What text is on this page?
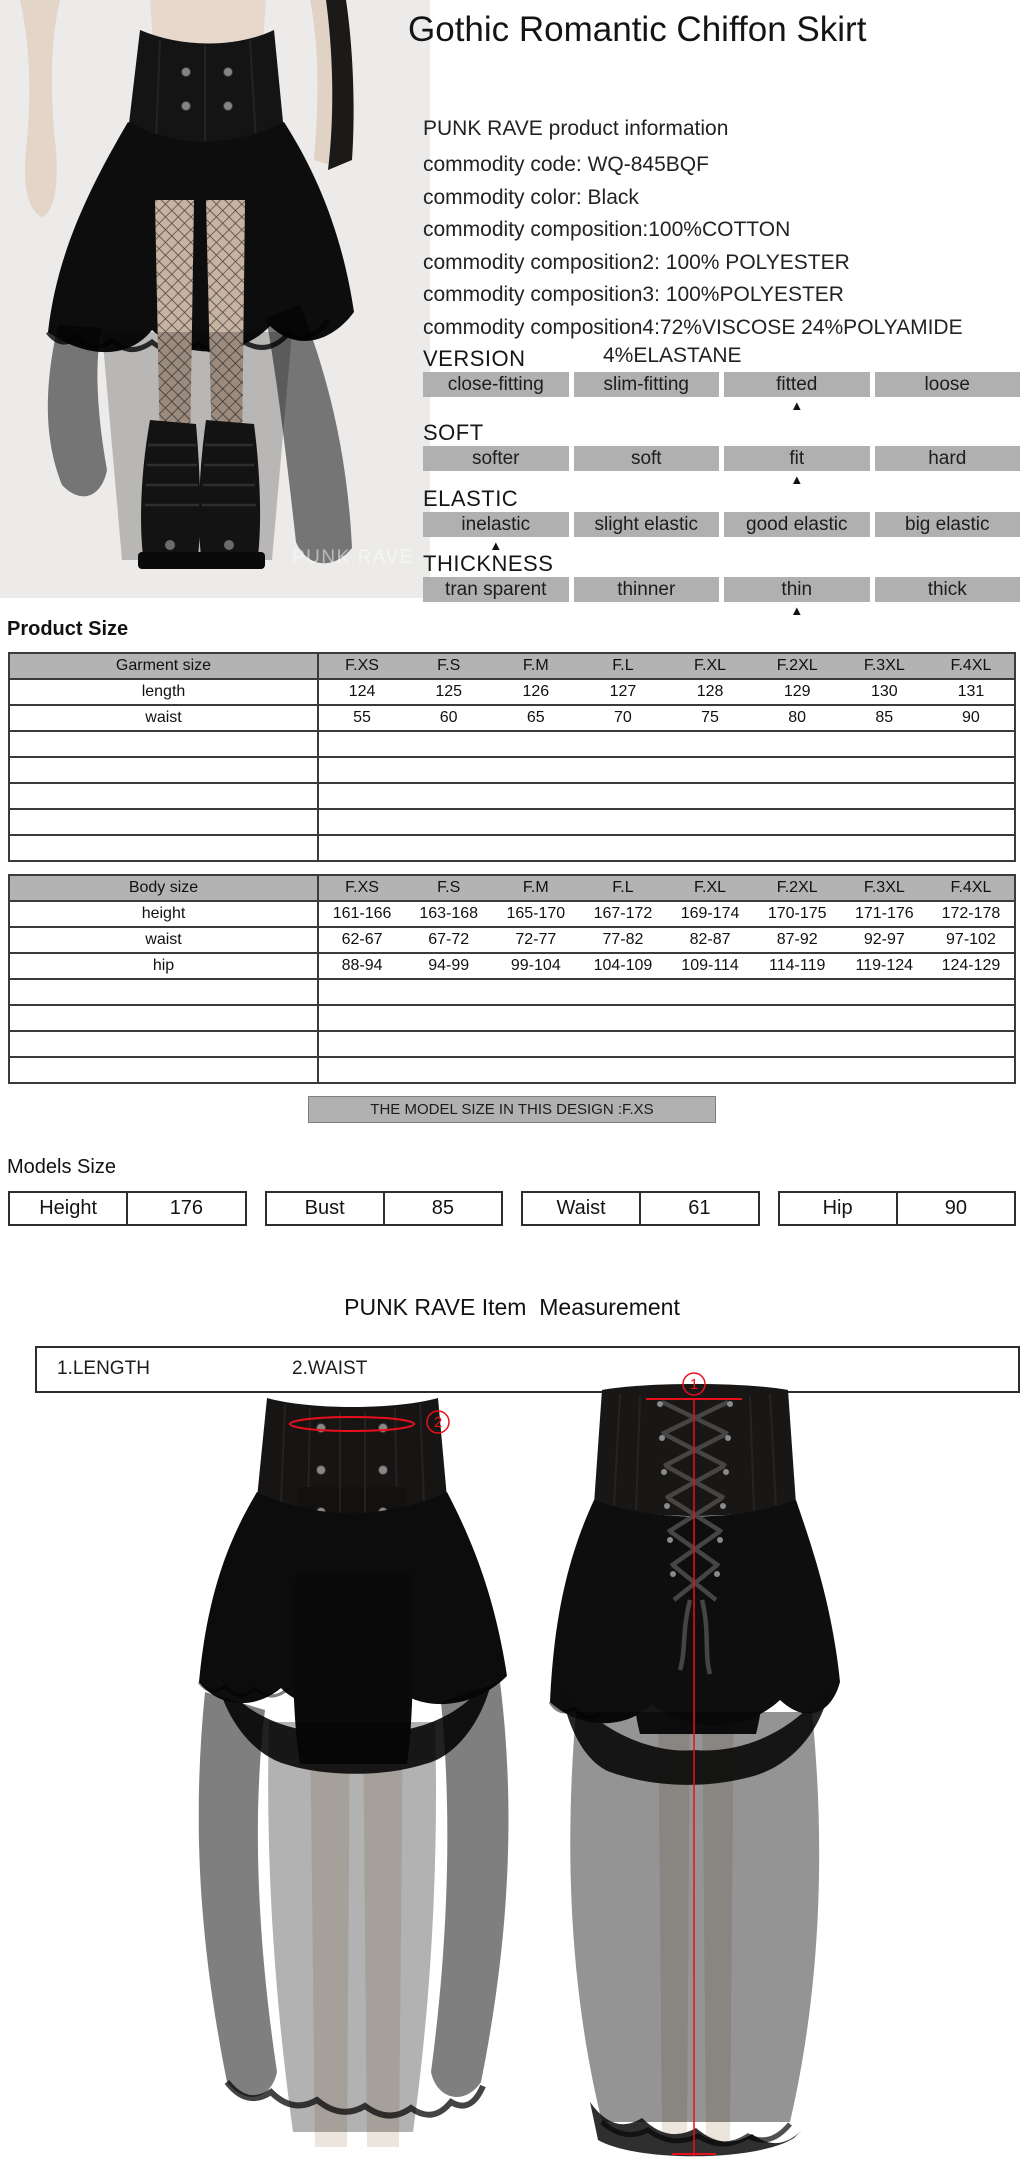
PUNK RAVE
Gothic Romantic Chiffon Skirt
PUNK RAVE product information
commodity code: WQ-845BQF
commodity color: Black
commodity composition:100%COTTON
commodity composition2: 100% POLYESTER
commodity composition3: 100%POLYESTER
commodity composition4:72%VISCOSE 24%POLYAMIDE
4%ELASTANE
VERSION
close-fitting	slim-fitting	fitted	loose
▲
SOFT
softer	soft	fit	hard
▲
ELASTIC
inelastic	slight elastic	good elastic	big elastic
▲
THICKNESS
tran sparent	thinner	thin	thick
▲
Product Size
Garment size	F.XS	F.S	F.M	F.L	F.XL	F.2XL	F.3XL	F.4XL
length	124	125	126	127	128	129	130	131
waist	55	60	65	70	75	80	85	90

Body size	F.XS	F.S	F.M	F.L	F.XL	F.2XL	F.3XL	F.4XL
height	161-166	163-168	165-170	167-172	169-174	170-175	171-176	172-178
waist	62-67	67-72	72-77	77-82	82-87	87-92	92-97	97-102
hip	88-94	94-99	99-104	104-109	109-114	114-119	119-124	124-129

THE MODEL SIZE IN THIS DESIGN :F.XS
Models Size
Height	176	Bust	85	Waist	61	Hip	90
PUNK RAVE Item  Measurement
1.LENGTH	2.WAIST
2
1
